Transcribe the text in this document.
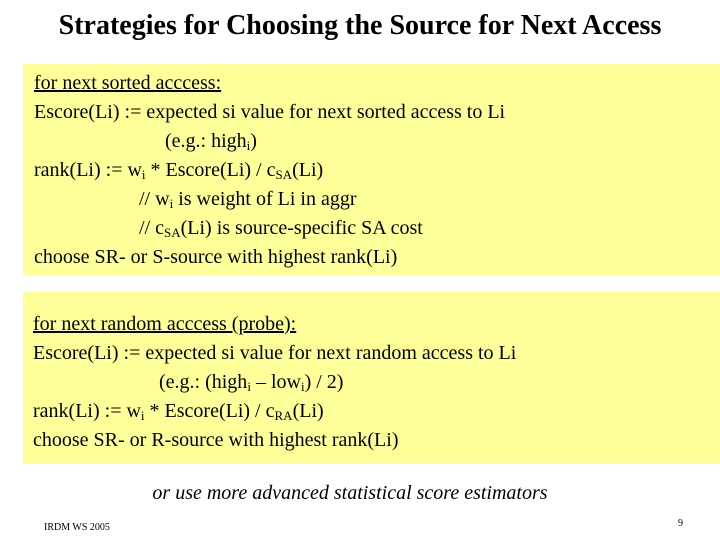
Strategies for Choosing the Source for Next Access
for next sorted acccess:
Escore(Li) := expected si value for next sorted access to Li
(e.g.: high$_i$)
rank(Li) := $w_i$ * Escore(Li) / $c_{SA}(Li)$
// $w_i$ is weight of Li in aggr
// $c_{SA}(Li)$ is source-specific SA cost
choose SR- or S-source with highest rank(Li)
for next random acccess (probe):
Escore(Li) := expected si value for next random access to Li
(e.g.: (high$_i$ – low$_i$) / 2)
rank(Li) := $w_i$ * Escore(Li) / $c_{RA}(Li)$
choose SR- or R-source with highest rank(Li)
or use more advanced statistical score estimators
IRDM WS 2005	9
